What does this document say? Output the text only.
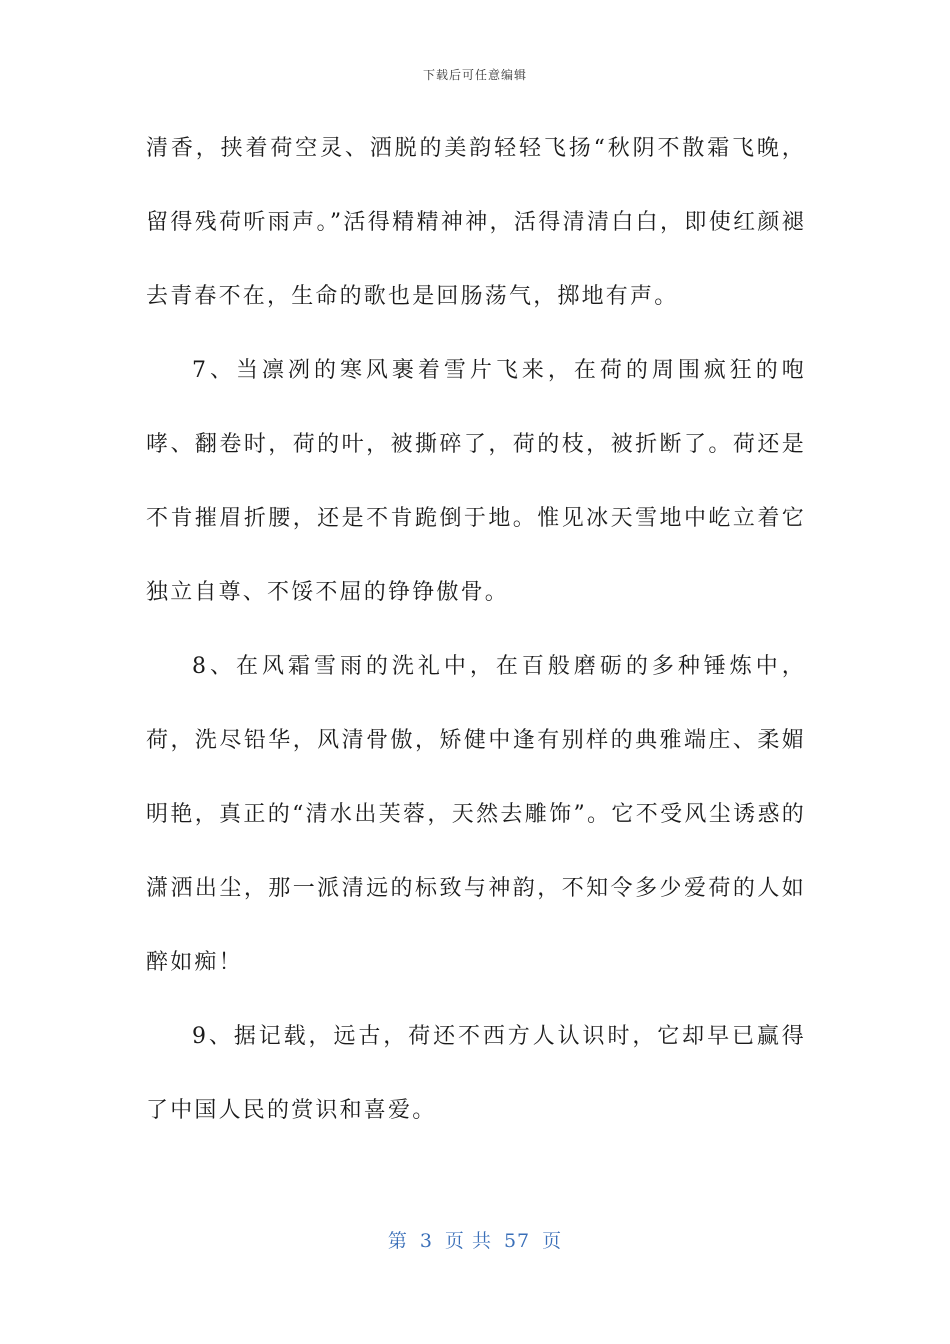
下载后可任意编辑

清香，挟着荷空灵、洒脱的美韵轻轻飞扬“秋阴不散霜飞晚，留得残荷听雨声。”活得精精神神，活得清清白白，即使红颜褪去青春不在，生命的歌也是回肠荡气，掷地有声。

7、当凛冽的寒风裹着雪片飞来，在荷的周围疯狂的咆哮、翻卷时，荷的叶，被撕碎了，荷的枝，被折断了。荷还是不肯摧眉折腰，还是不肯跪倒于地。惟见冰天雪地中屹立着它独立自尊、不馁不屈的铮铮傲骨。

8、在风霜雪雨的洗礼中，在百般磨砺的多种锤炼中，荷，洗尽铅华，风清骨傲，矫健中逢有别样的典雅端庄、柔媚明艳，真正的“清水出芙蓉，天然去雕饰”。它不受风尘诱惑的潇洒出尘，那一派清远的标致与神韵，不知令多少爱荷的人如醉如痴！

9、据记载，远古，荷还不西方人认识时，它却早已赢得了中国人民的赏识和喜爱。

第 3 页 共 57 页
